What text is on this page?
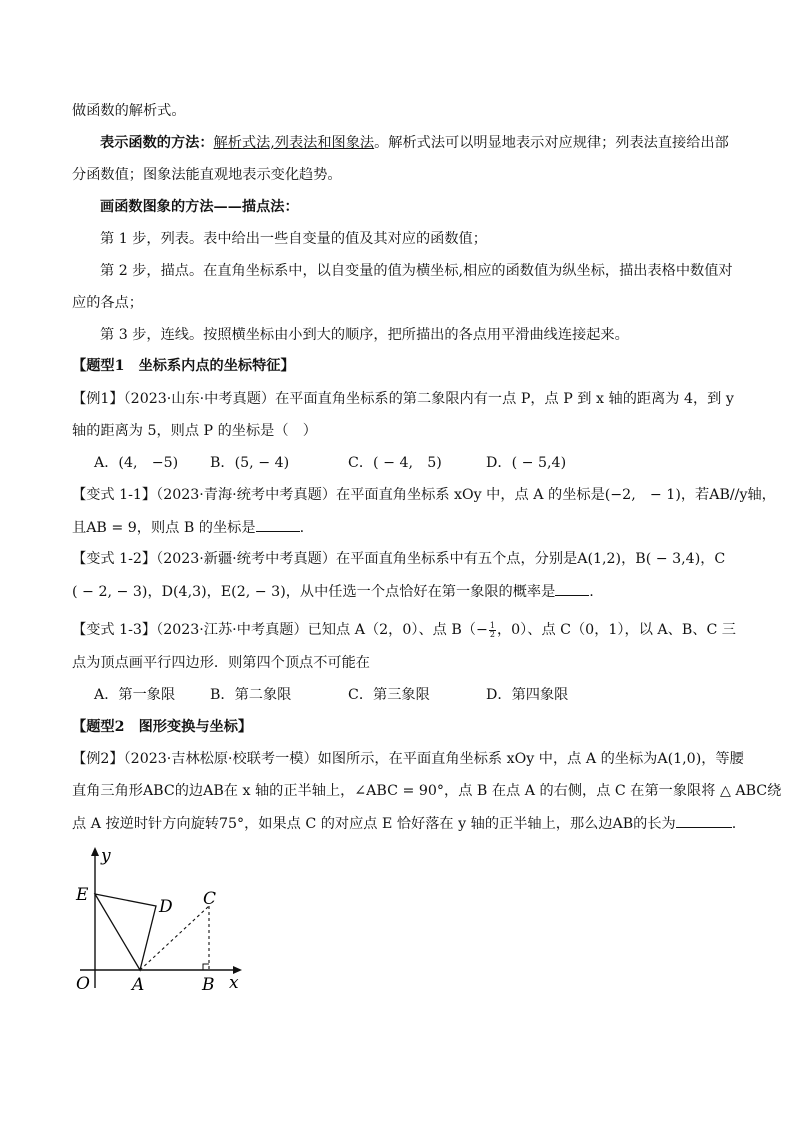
做函数的解析式。
表示函数的方法：解析式法,列表法和图象法。解析式法可以明显地表示对应规律；列表法直接给出部
分函数值；图象法能直观地表示变化趋势。
画函数图象的方法——描点法：
第 1 步，列表。表中给出一些自变量的值及其对应的函数值；
第 2 步，描点。在直角坐标系中，以自变量的值为横坐标,相应的函数值为纵坐标，描出表格中数值对
应的各点；
第 3 步，连线。按照横坐标由小到大的顺序，把所描出的各点用平滑曲线连接起来。
【题型1　坐标系内点的坐标特征】
【例1】（2023·山东·中考真题）在平面直角坐标系的第二象限内有一点 P，点 P 到 x 轴的距离为 4，到 y
轴的距离为 5，则点 P 的坐标是（　）
A．(4,　−5) B．(5, − 4)	C．( − 4,　5)	D．( − 5,4)
【变式 1-1】（2023·青海·统考中考真题）在平面直角坐标系 xOy 中，点 A 的坐标是(−2,　− 1)，若AB//y轴，
且AB = 9，则点 B 的坐标是	.
【变式 1-2】（2023·新疆·统考中考真题）在平面直角坐标系中有五个点，分别是A(1,2)，B( − 3,4)，C
( − 2, − 3)，D(4,3)，E(2, − 3)，从中任选一个点恰好在第一象限的概率是 .
【变式 1-3】（2023·江苏·中考真题）已知点 A（2，0）、点 $B(- \frac{1}{2}$ ，0）、点 C（0，1），以 A、B、C 三
点为顶点画平行四边形．则第四个顶点不可能在
A．第一象限 B．第二象限	C．第三象限	D．第四象限
【题型2　图形变换与坐标】
【例2】（2023·吉林松原·校联考一模）如图所示，在平面直角坐标系 xOy 中，点 A 的坐标为A(1,0)，等腰
直角三角形ABC的边AB在 x 轴的正半轴上，∠ABC = 90°，点 B 在点 A 的右侧，点 C 在第一象限将 △ ABC绕
点 A 按逆时针方向旋转75°，如果点 C 的对应点 E 恰好落在 y 轴的正半轴上，那么边AB的长为	.
y
E
D C
O A	B x
